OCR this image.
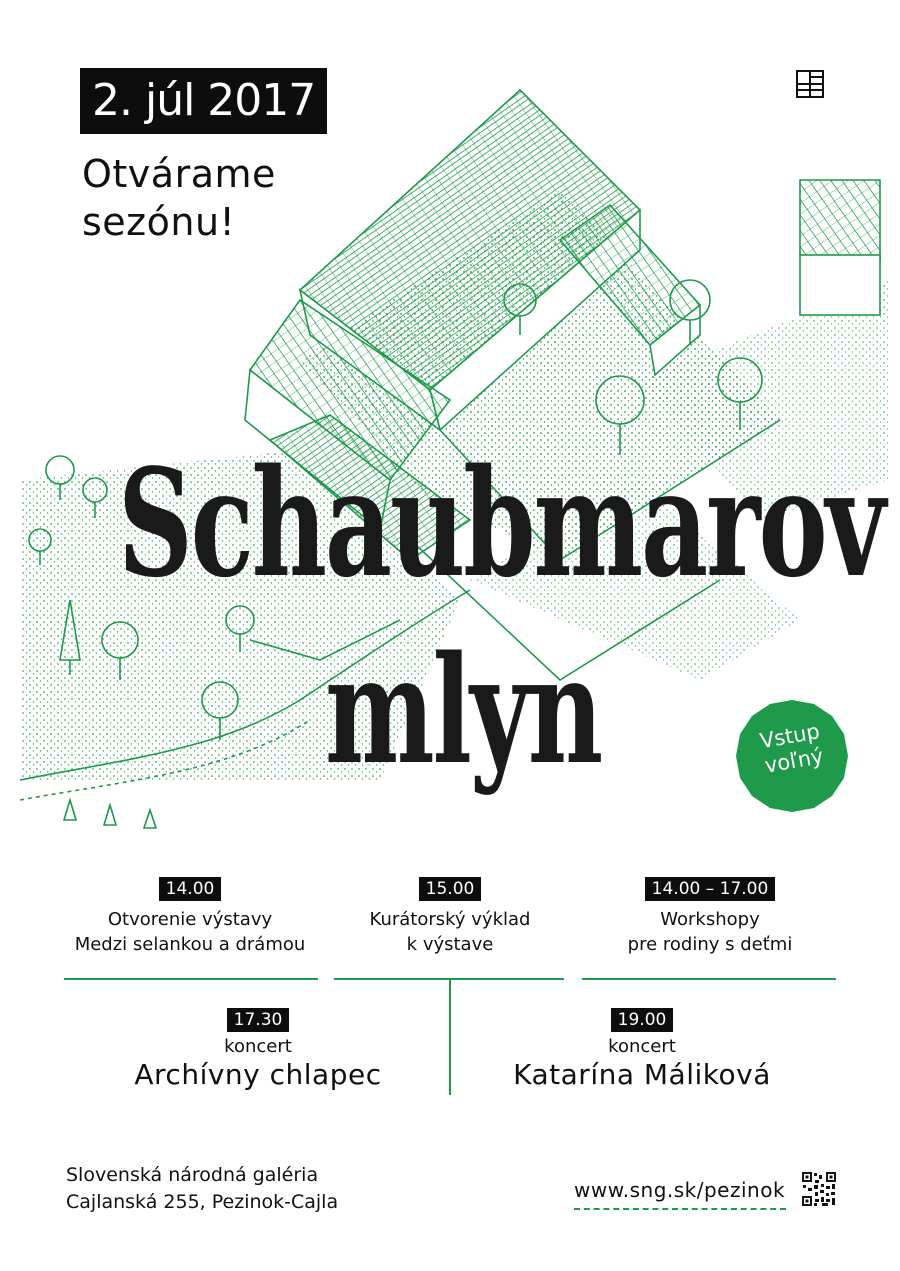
2. júl 2017
Otvárame
sezónu!
Schaubmarov
mlyn	Vstup
voľný
14.00
Otvorenie výstavy
Medzi selankou a drámou
15.00
Kurátorský výklad
k výstave
14.00 – 17.00
Workshopy
pre rodiny s deťmi
17.30
koncert
Archívny chlapec
19.00
koncert
Katarína Máliková
Slovenská národná galéria
Cajlanská 255, Pezinok-Cajla	www.sng.sk/pezinok
